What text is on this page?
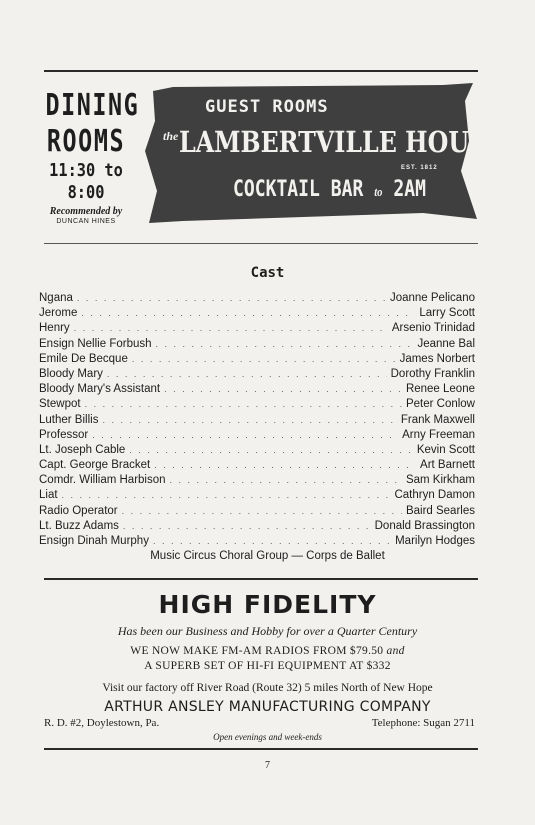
DINING
ROOMS
11:30 to 8:00
Recommended by
DUNCAN HINES
GUEST ROOMS
the LAMBERTVILLE HOUSE
EST. 1812
COCKTAIL BAR to 2AM
Cast
Ngana . . .	Joanne Pelicano
Jerome . . .	Larry Scott
Henry . . .	Arsenio Trinidad
Ensign Nellie Forbush . . .	Jeanne Bal
Emile De Becque . . .	James Norbert
Bloody Mary . . .	Dorothy Franklin
Bloody Mary's Assistant . . .	Renee Leone
Stewpot . . .	Peter Conlow
Luther Billis . . .	Frank Maxwell
Professor . . .	Arny Freeman
Lt. Joseph Cable . . .	Kevin Scott
Capt. George Bracket . . .	Art Barnett
Comdr. William Harbison . . .	Sam Kirkham
Liat . . .	Cathryn Damon
Radio Operator . . .	Baird Searles
Lt. Buzz Adams . . .	Donald Brassington
Ensign Dinah Murphy . . .	Marilyn Hodges
Music Circus Choral Group — Corps de Ballet
HIGH FIDELITY
Has been our Business and Hobby for over a Quarter Century
WE NOW MAKE FM-AM RADIOS FROM $79.50 and
A SUPERB SET OF HI-FI EQUIPMENT AT $332
Visit our factory off River Road (Route 32) 5 miles North of New Hope
ARTHUR ANSLEY MANUFACTURING COMPANY
R. D. #2, Doylestown, Pa.	Telephone: Sugan 2711
Open evenings and week-ends
7
